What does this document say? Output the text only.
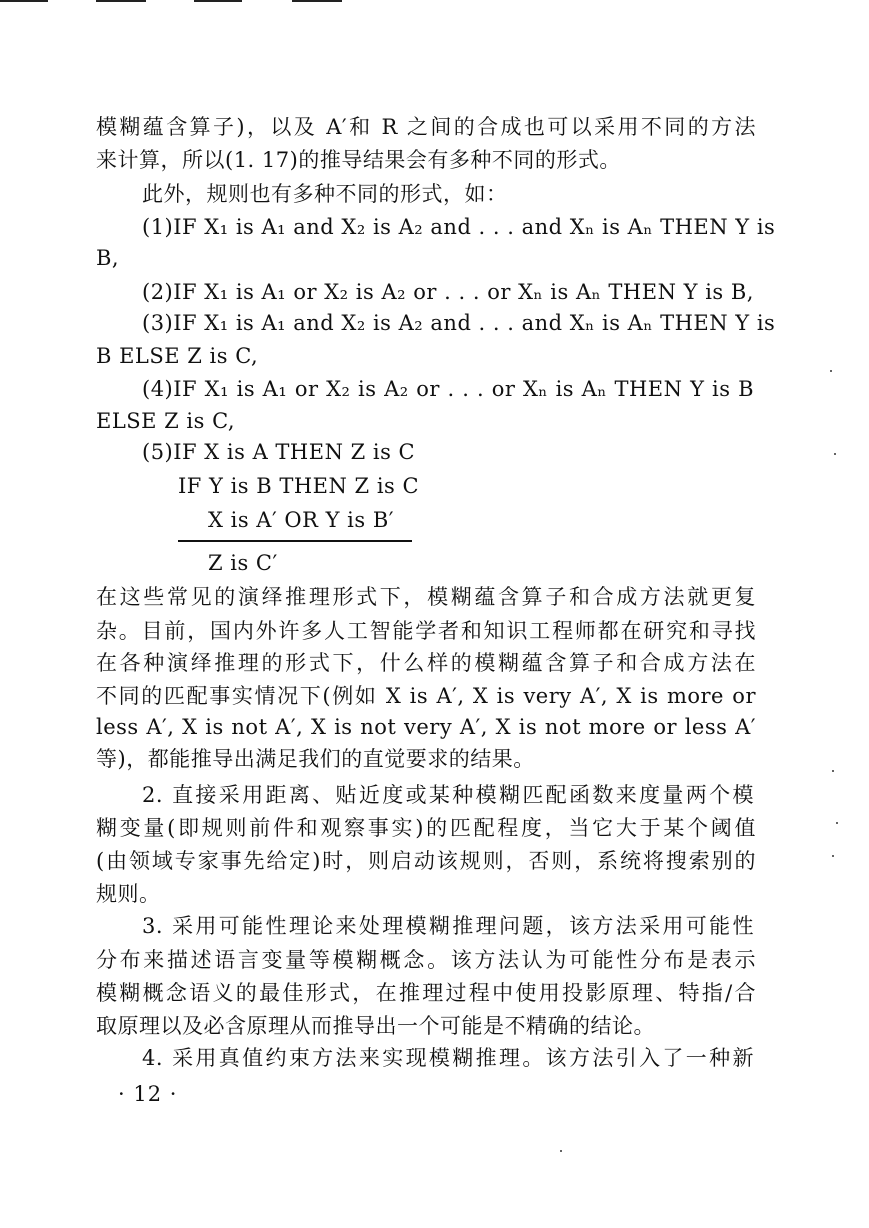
模糊蕴含算子)，以及 A′和 R 之间的合成也可以采用不同的方法
来计算，所以(1. 17)的推导结果会有多种不同的形式。
此外，规则也有多种不同的形式，如：
(1)IF X₁ is A₁ and X₂ is A₂ and . . . and Xₙ is Aₙ THEN Y is
B,
(2)IF X₁ is A₁ or X₂ is A₂ or . . . or Xₙ is Aₙ THEN Y is B,
(3)IF X₁ is A₁ and X₂ is A₂ and . . . and Xₙ is Aₙ THEN Y is
B ELSE Z is C,
(4)IF X₁ is A₁ or X₂ is A₂ or . . . or Xₙ is Aₙ THEN Y is B
ELSE Z is C,
(5)IF X is A THEN Z is C
IF Y is B THEN Z is C
X is A′ OR Y is B′
Z is C′
在这些常见的演绎推理形式下，模糊蕴含算子和合成方法就更复
杂。目前，国内外许多人工智能学者和知识工程师都在研究和寻找
在各种演绎推理的形式下，什么样的模糊蕴含算子和合成方法在
不同的匹配事实情况下(例如 X is A′, X is very A′, X is more or
less A′, X is not A′, X is not very A′, X is not more or less A′
等)，都能推导出满足我们的直觉要求的结果。
2. 直接采用距离、贴近度或某种模糊匹配函数来度量两个模
糊变量(即规则前件和观察事实)的匹配程度，当它大于某个阈值
(由领域专家事先给定)时，则启动该规则，否则，系统将搜索别的
规则。
3. 采用可能性理论来处理模糊推理问题，该方法采用可能性
分布来描述语言变量等模糊概念。该方法认为可能性分布是表示
模糊概念语义的最佳形式，在推理过程中使用投影原理、特指/合
取原理以及必含原理从而推导出一个可能是不精确的结论。
4. 采用真值约束方法来实现模糊推理。该方法引入了一种新
· 12 ·
